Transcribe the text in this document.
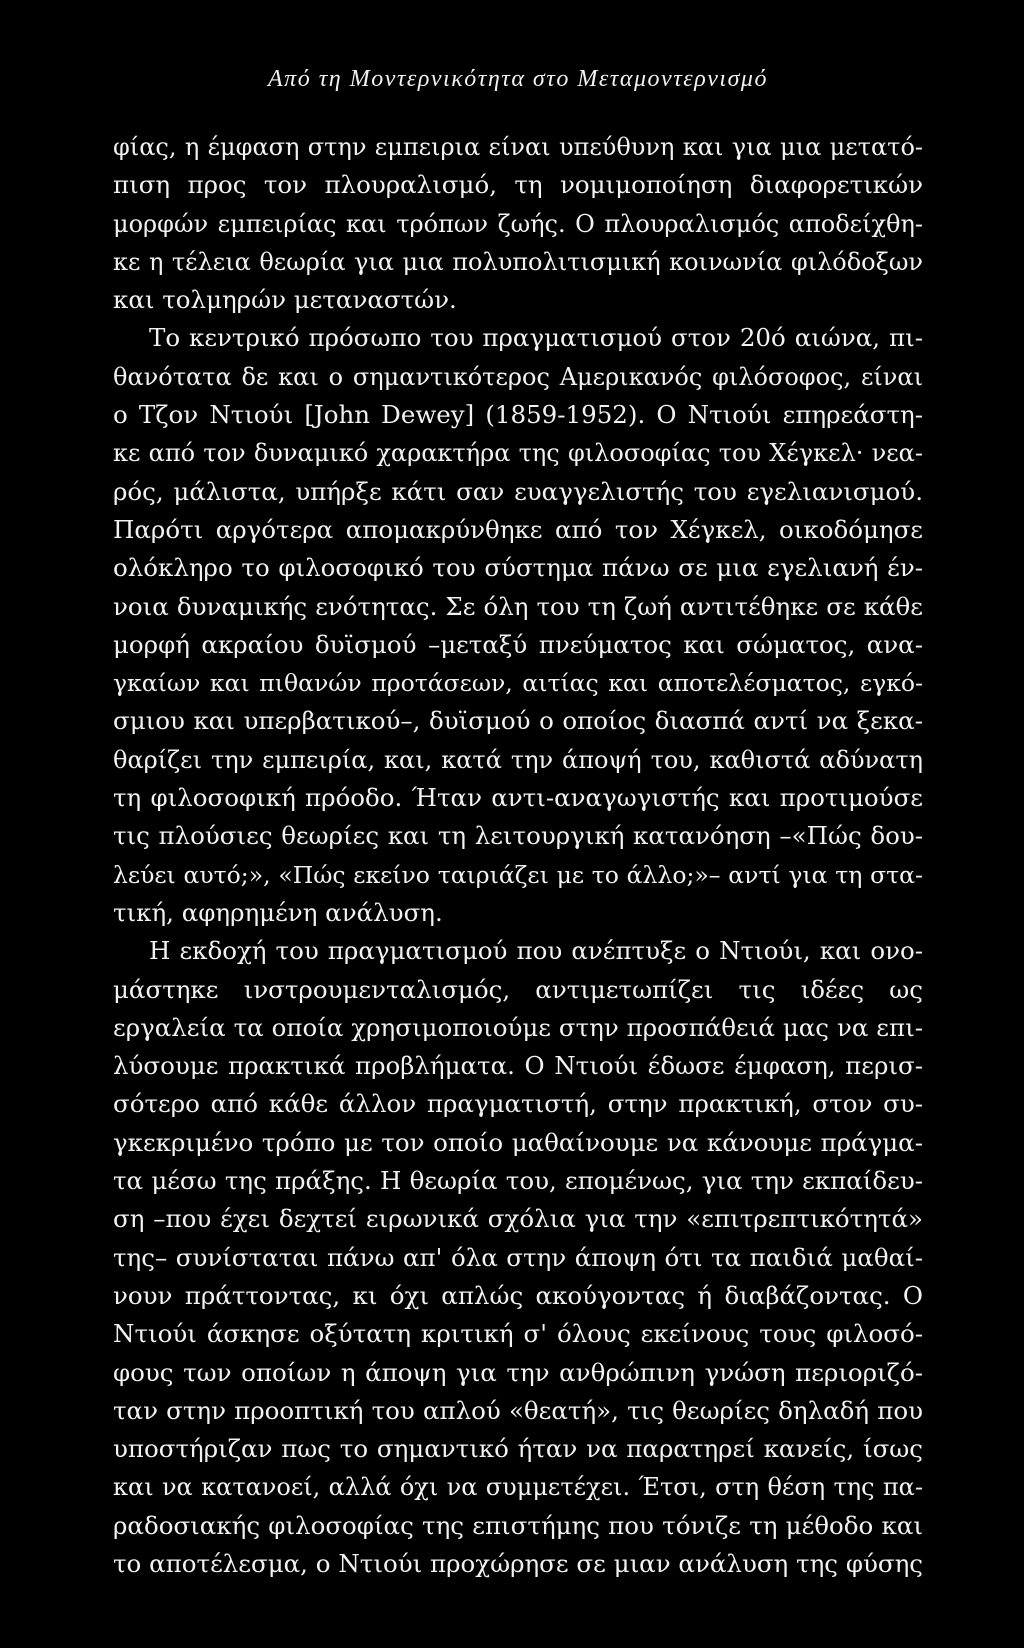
Από τη Μοντερνικότητα στο Μεταμοντερνισμό
φίας, η έμφαση στην εμπειρια είναι υπεύθυνη και για μια μετατό-
πιση προς τον πλουραλισμό, τη νομιμοποίηση διαφορετικών
μορφών εμπειρίας και τρόπων ζωής. Ο πλουραλισμός αποδείχθη-
κε η τέλεια θεωρία για μια πολυπολιτισμική κοινωνία φιλόδοξων
και τολμηρών μεταναστών.
Το κεντρικό πρόσωπο του πραγματισμού στον 20ό αιώνα, πι-
θανότατα δε και ο σημαντικότερος Αμερικανός φιλόσοφος, είναι
ο Τζον Ντιούι [John Dewey] (1859-1952). Ο Ντιούι επηρεάστη-
κε από τον δυναμικό χαρακτήρα της φιλοσοφίας του Χέγκελ· νεα-
ρός, μάλιστα, υπήρξε κάτι σαν ευαγγελιστής του εγελιανισμού.
Παρότι αργότερα απομακρύνθηκε από τον Χέγκελ, οικοδόμησε
ολόκληρο το φιλοσοφικό του σύστημα πάνω σε μια εγελιανή έν-
νοια δυναμικής ενότητας. Σε όλη του τη ζωή αντιτέθηκε σε κάθε
μορφή ακραίου δυϊσμού –μεταξύ πνεύματος και σώματος, ανα-
γκαίων και πιθανών προτάσεων, αιτίας και αποτελέσματος, εγκό-
σμιου και υπερβατικού–, δυϊσμού ο οποίος διασπά αντί να ξεκα-
θαρίζει την εμπειρία, και, κατά την άποψή του, καθιστά αδύνατη
τη φιλοσοφική πρόοδο. Ήταν αντι-αναγωγιστής και προτιμούσε
τις πλούσιες θεωρίες και τη λειτουργική κατανόηση –«Πώς δου-
λεύει αυτό;», «Πώς εκείνο ταιριάζει με το άλλο;»– αντί για τη στα-
τική, αφηρημένη ανάλυση.
Η εκδοχή του πραγματισμού που ανέπτυξε ο Ντιούι, και ονο-
μάστηκε ινστρουμενταλισμός, αντιμετωπίζει τις ιδέες ως
εργαλεία τα οποία χρησιμοποιούμε στην προσπάθειά μας να επι-
λύσουμε πρακτικά προβλήματα. Ο Ντιούι έδωσε έμφαση, περισ-
σότερο από κάθε άλλον πραγματιστή, στην πρακτική, στον συ-
γκεκριμένο τρόπο με τον οποίο μαθαίνουμε να κάνουμε πράγμα-
τα μέσω της πράξης. Η θεωρία του, επομένως, για την εκπαίδευ-
ση –που έχει δεχτεί ειρωνικά σχόλια για την «επιτρεπτικότητά»
της– συνίσταται πάνω απ' όλα στην άποψη ότι τα παιδιά μαθαί-
νουν πράττοντας, κι όχι απλώς ακούγοντας ή διαβάζοντας. Ο
Ντιούι άσκησε οξύτατη κριτική σ' όλους εκείνους τους φιλοσό-
φους των οποίων η άποψη για την ανθρώπινη γνώση περιοριζό-
ταν στην προοπτική του απλού «θεατή», τις θεωρίες δηλαδή που
υποστήριζαν πως το σημαντικό ήταν να παρατηρεί κανείς, ίσως
και να κατανοεί, αλλά όχι να συμμετέχει. Έτσι, στη θέση της πα-
ραδοσιακής φιλοσοφίας της επιστήμης που τόνιζε τη μέθοδο και
το αποτέλεσμα, ο Ντιούι προχώρησε σε μιαν ανάλυση της φύσης
